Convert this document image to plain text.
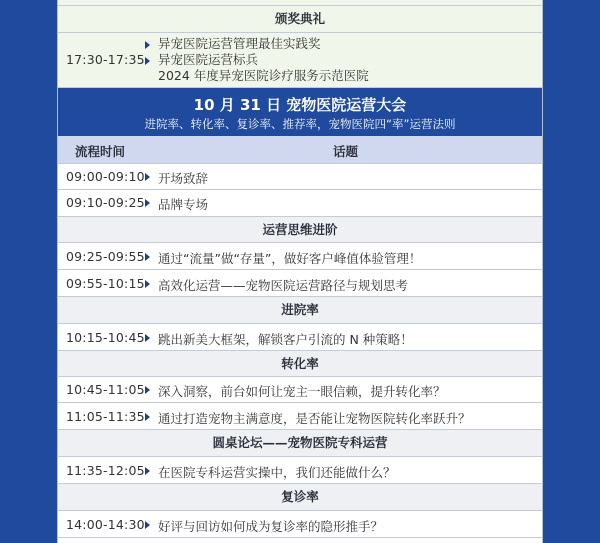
颁奖典礼
17:30-17:35
异宠医院运营管理最佳实践奖
异宠医院运营标兵
2024 年度异宠医院诊疗服务示范医院
10 月 31 日 宠物医院运营大会
进院率、转化率、复诊率、推荐率，宠物医院四“率”运营法则
流程时间	话题
09:00-09:10 开场致辞
09:10-09:25 品牌专场
运营思维进阶
09:25-09:55 通过“流量”做“存量”，做好客户峰值体验管理！
09:55-10:15 高效化运营——宠物医院运营路径与规划思考
进院率
10:15-10:45 跳出新美大框架，解锁客户引流的 N 种策略！
转化率
10:45-11:05 深入洞察，前台如何让宠主一眼信赖，提升转化率？
11:05-11:35 通过打造宠物主满意度，是否能让宠物医院转化率跃升？
圆桌论坛——宠物医院专科运营
11:35-12:05 在医院专科运营实操中，我们还能做什么？
复诊率
14:00-14:30 好评与回访如何成为复诊率的隐形推手？
